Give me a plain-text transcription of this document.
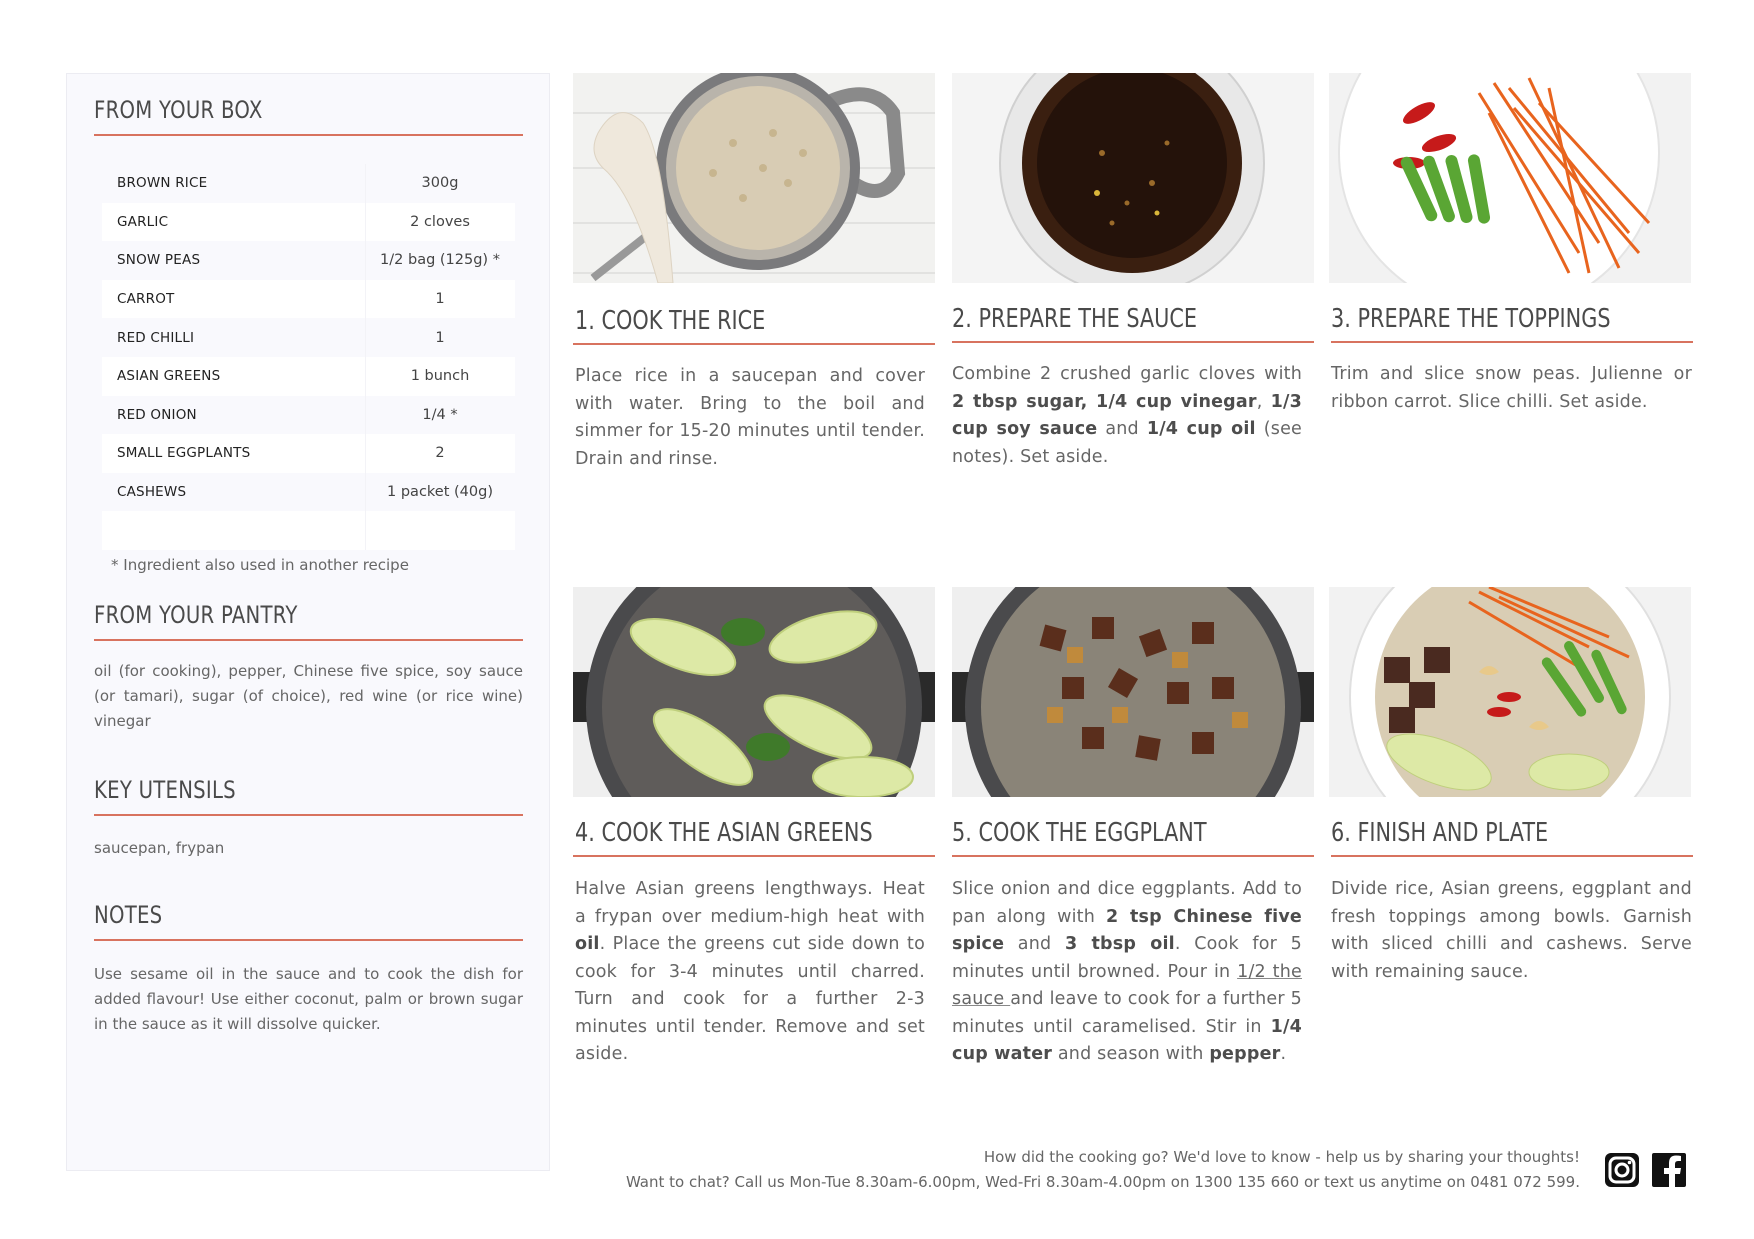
FROM YOUR BOX
BROWN RICE	300g
GARLIC	2 cloves
SNOW PEAS	1/2 bag (125g) *
CARROT	1
RED CHILLI	1
ASIAN GREENS	1 bunch
RED ONION	1/4 *
SMALL EGGPLANTS	2
CASHEWS	1 packet (40g)
* Ingredient also used in another recipe
FROM YOUR PANTRY
oil (for cooking), pepper, Chinese five spice, soy sauce (or tamari), sugar (of choice), red wine (or rice wine) vinegar
KEY UTENSILS
saucepan, frypan
NOTES
Use sesame oil in the sauce and to cook the dish for added flavour! Use either coconut, palm or brown sugar in the sauce as it will dissolve quicker.
1. COOK THE RICE
Place rice in a saucepan and cover with water. Bring to the boil and simmer for 15-20 minutes until tender. Drain and rinse.
2. PREPARE THE SAUCE
Combine 2 crushed garlic cloves with 2 tbsp sugar, 1/4 cup vinegar, 1/3 cup soy sauce and 1/4 cup oil (see notes). Set aside.
3. PREPARE THE TOPPINGS
Trim and slice snow peas. Julienne or ribbon carrot. Slice chilli. Set aside.
4. COOK THE ASIAN GREENS
Halve Asian greens lengthways. Heat a frypan over medium-high heat with oil. Place the greens cut side down to cook for 3-4 minutes until charred. Turn and cook for a further 2-3 minutes until tender. Remove and set aside.
5. COOK THE EGGPLANT
Slice onion and dice eggplants. Add to pan along with 2 tsp Chinese five spice and 3 tbsp oil. Cook for 5 minutes until browned. Pour in 1/2 the sauce and leave to cook for a further 5 minutes until caramelised. Stir in 1/4 cup water and season with pepper.
6. FINISH AND PLATE
Divide rice, Asian greens, eggplant and fresh toppings among bowls. Garnish with sliced chilli and cashews. Serve with remaining sauce.
How did the cooking go? We'd love to know - help us by sharing your thoughts!
Want to chat? Call us Mon-Tue 8.30am-6.00pm, Wed-Fri 8.30am-4.00pm on 1300 135 660 or text us anytime on 0481 072 599.
